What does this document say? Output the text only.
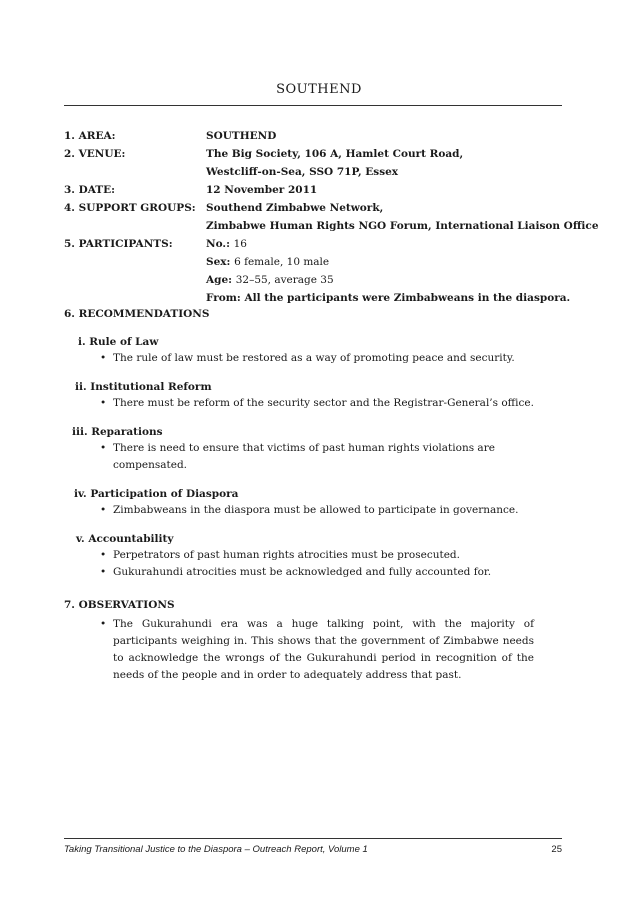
SOUTHEND
1. AREA:	SOUTHEND
2. VENUE:	The Big Society, 106 A, Hamlet Court Road,
Westcliff-on-Sea, SSO 71P, Essex
3. DATE:	12 November 2011
4. SUPPORT GROUPS: Southend Zimbabwe Network,
Zimbabwe Human Rights NGO Forum, International Liaison Office
5. PARTICIPANTS:	No.: 16
Sex: 6 female, 10 male
Age: 32–55, average 35
From: All the participants were Zimbabweans in the diaspora.
6. RECOMMENDATIONS
i. Rule of Law
• The rule of law must be restored as a way of promoting peace and security.
ii. Institutional Reform
• There must be reform of the security sector and the Registrar-General’s office.
iii. Reparations
• There is need to ensure that victims of past human rights violations are compensated.
iv. Participation of Diaspora
• Zimbabweans in the diaspora must be allowed to participate in governance.
v. Accountability
• Perpetrators of past human rights atrocities must be prosecuted.
• Gukurahundi atrocities must be acknowledged and fully accounted for.
7. OBSERVATIONS
• The Gukurahundi era was a huge talking point, with the majority of participants weighing in. This shows that the government of Zimbabwe needs to acknowledge the wrongs of the Gukurahundi period in recognition of the needs of the people and in order to adequately address that past.
Taking Transitional Justice to the Diaspora – Outreach Report, Volume 1	25
